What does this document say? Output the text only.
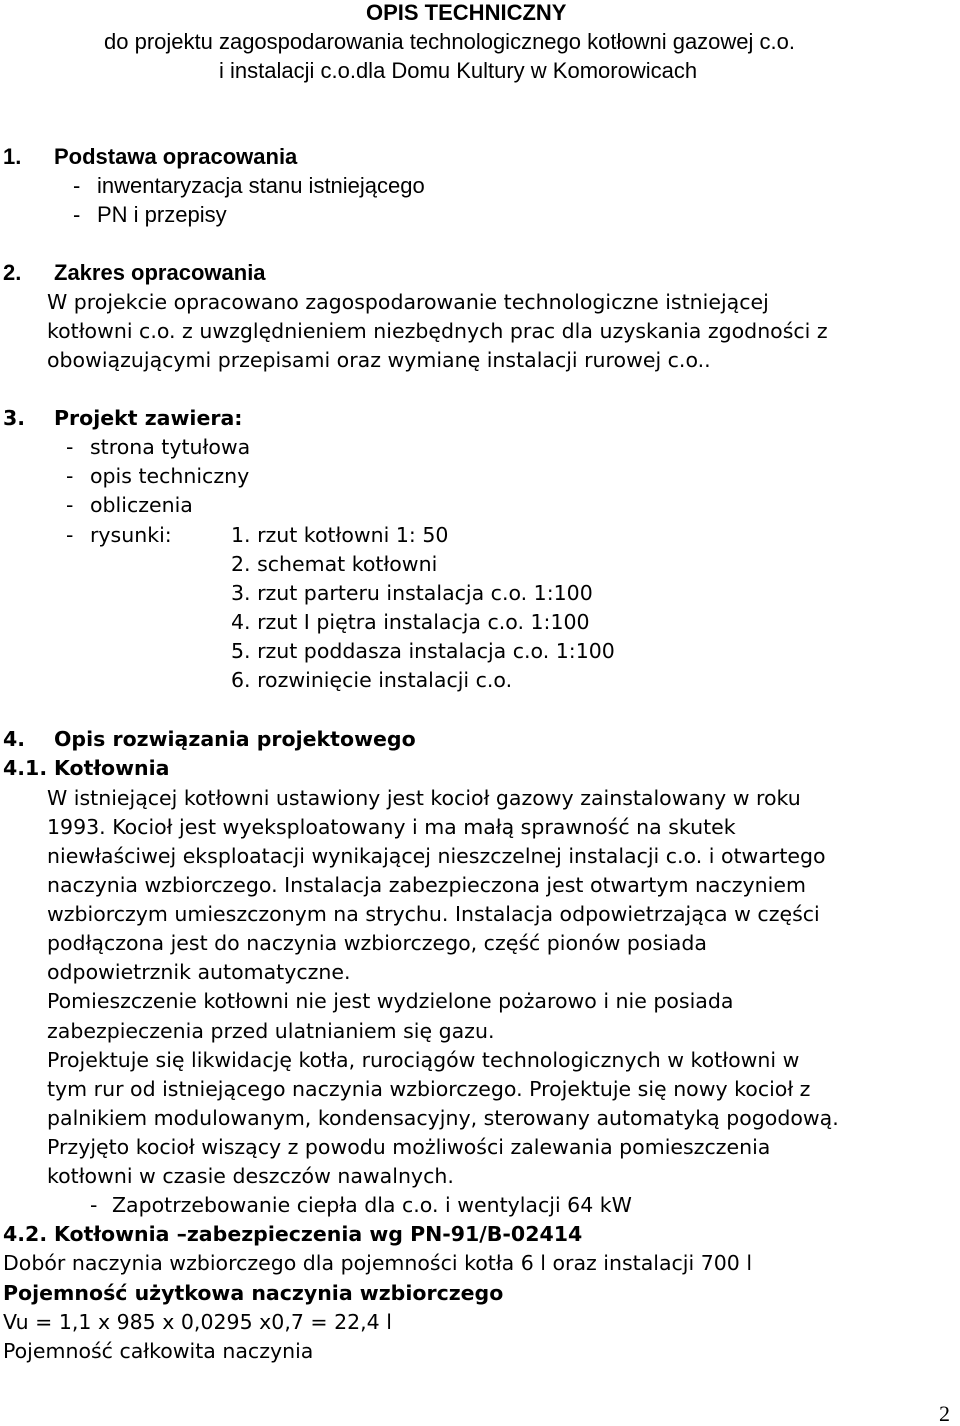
OPIS TECHNICZNY
do projektu zagospodarowania technologicznego kotłowni gazowej c.o.
i instalacji c.o.dla Domu Kultury w Komorowicach
1. Podstawa opracowania
- inwentaryzacja stanu istniejącego
- PN i przepisy
2. Zakres opracowania
W projekcie opracowano zagospodarowanie technologiczne istniejącej
kotłowni c.o. z uwzględnieniem niezbędnych prac dla uzyskania zgodności z
obowiązującymi przepisami oraz wymianę instalacji rurowej c.o..
3. Projekt zawiera:
- strona tytułowa
- opis techniczny
- obliczenia
- rysunki:	1. rzut kotłowni 1: 50
2. schemat kotłowni
3. rzut parteru instalacja c.o. 1:100
4. rzut I piętra instalacja c.o. 1:100
5. rzut poddasza instalacja c.o. 1:100
6. rozwinięcie instalacji c.o.
4. Opis rozwiązania projektowego
4.1. Kotłownia
W istniejącej kotłowni ustawiony jest kocioł gazowy zainstalowany w roku
1993. Kocioł jest wyeksploatowany i ma małą sprawność na skutek
niewłaściwej eksploatacji wynikającej nieszczelnej instalacji c.o. i otwartego
naczynia wzbiorczego. Instalacja zabezpieczona jest otwartym naczyniem
wzbiorczym umieszczonym na strychu. Instalacja odpowietrzająca w części
podłączona jest do naczynia wzbiorczego, część pionów posiada
odpowietrznik automatyczne.
Pomieszczenie kotłowni nie jest wydzielone pożarowo i nie posiada
zabezpieczenia przed ulatnianiem się gazu.
Projektuje się likwidację kotła, rurociągów technologicznych w kotłowni w
tym rur od istniejącego naczynia wzbiorczego. Projektuje się nowy kocioł z
palnikiem modulowanym, kondensacyjny, sterowany automatyką pogodową.
Przyjęto kocioł wiszący z powodu możliwości zalewania pomieszczenia
kotłowni w czasie deszczów nawalnych.
- Zapotrzebowanie ciepła dla c.o. i wentylacji 64 kW
4.2. Kotłownia –zabezpieczenia wg PN-91/B-02414
Dobór naczynia wzbiorczego dla pojemności kotła 6 l oraz instalacji 700 l
Pojemność użytkowa naczynia wzbiorczego
Vu = 1,1 x 985 x 0,0295 x0,7 = 22,4 l
Pojemność całkowita naczynia
2
